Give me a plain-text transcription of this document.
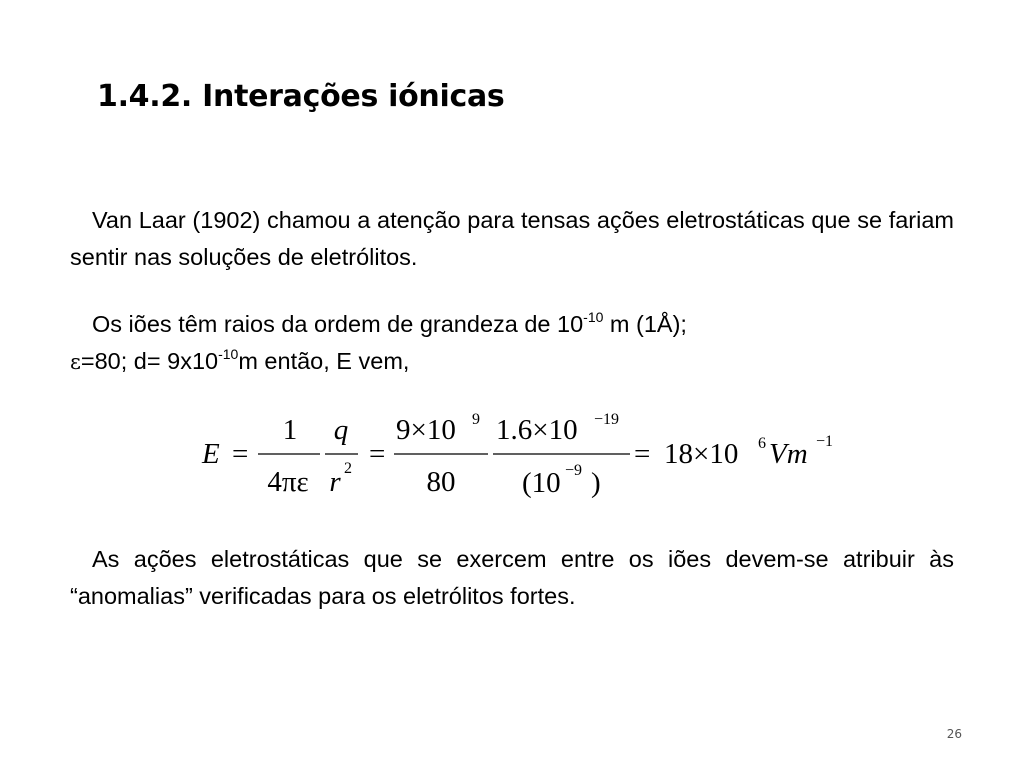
1.4.2. Interações iónicas

Van Laar (1902) chamou a atenção para tensas ações eletrostáticas que se fariam sentir nas soluções de eletrólitos.

Os iões têm raios da ordem de grandeza de $10^{-10}$ m (1Å);
ε=80; $d= 9x10^{-10}m$ então, E vem,

E =
1
4πε
q
r 2 =
9×10 9
80
1.6×10 −19
(10 −9 )
= 18×10 6 Vm −1

As ações eletrostáticas que se exercem entre os iões devem-se atribuir às “anomalias” verificadas para os eletrólitos fortes.

26
